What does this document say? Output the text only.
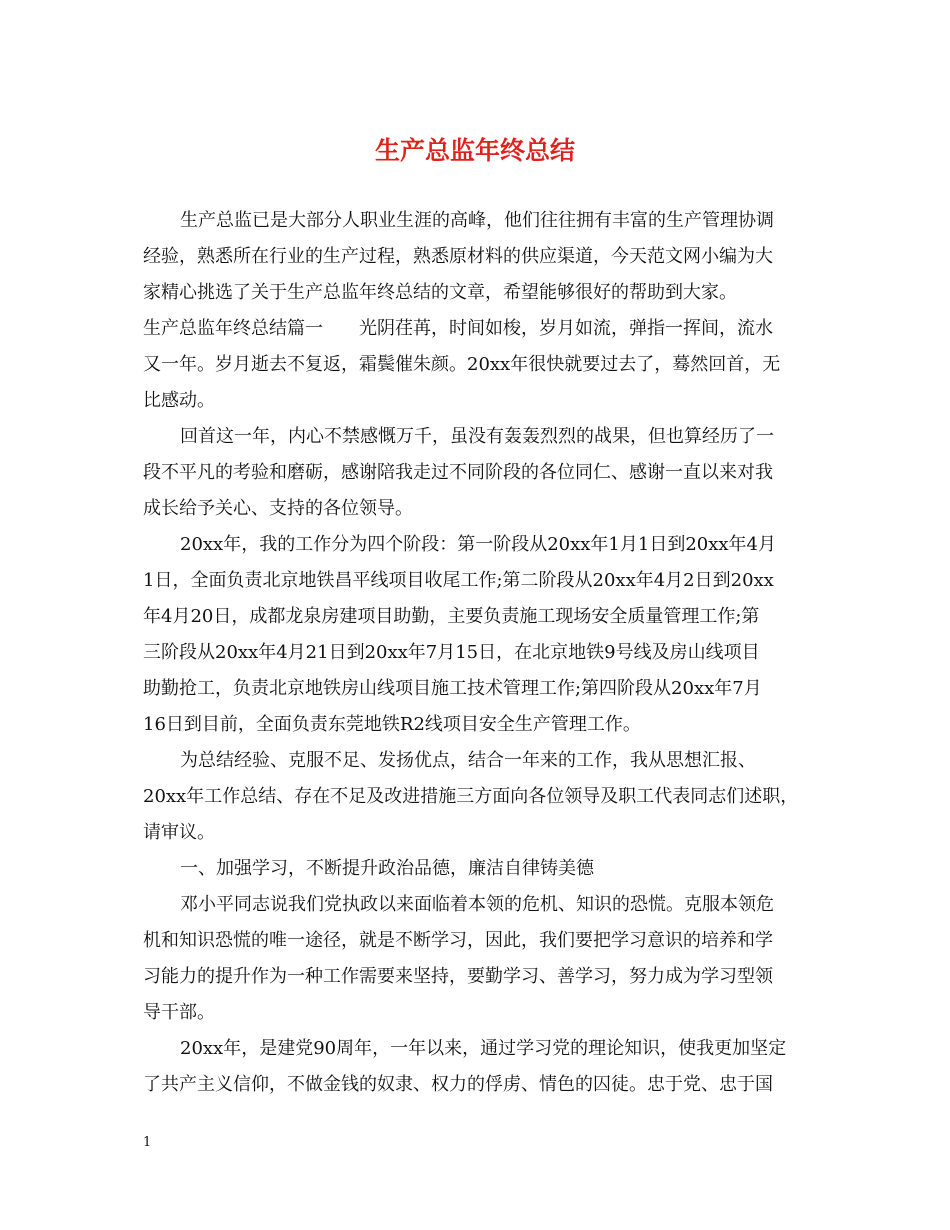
生产总监年终总结

生产总监已是大部分人职业生涯的高峰，他们往往拥有丰富的生产管理协调

经验，熟悉所在行业的生产过程，熟悉原材料的供应渠道，今天范文网小编为大

家精心挑选了关于生产总监年终总结的文章，希望能够很好的帮助到大家。

生产总监年终总结篇一　　光阴荏苒，时间如梭，岁月如流，弹指一挥间，流水

又一年。岁月逝去不复返，霜鬓催朱颜。20xx年很快就要过去了，蓦然回首，无

比感动。

回首这一年，内心不禁感慨万千，虽没有轰轰烈烈的战果，但也算经历了一

段不平凡的考验和磨砺，感谢陪我走过不同阶段的各位同仁、感谢一直以来对我

成长给予关心、支持的各位领导。

20xx年，我的工作分为四个阶段：第一阶段从20xx年1月1日到20xx年4月

1日，全面负责北京地铁昌平线项目收尾工作;第二阶段从20xx年4月2日到20xx

年4月20日，成都龙泉房建项目助勤，主要负责施工现场安全质量管理工作;第

三阶段从20xx年4月21日到20xx年7月15日，在北京地铁9号线及房山线项目

助勤抢工，负责北京地铁房山线项目施工技术管理工作;第四阶段从20xx年7月

16日到目前，全面负责东莞地铁R2线项目安全生产管理工作。

为总结经验、克服不足、发扬优点，结合一年来的工作，我从思想汇报、

20xx年工作总结、存在不足及改进措施三方面向各位领导及职工代表同志们述职，

请审议。

一、加强学习，不断提升政治品德，廉洁自律铸美德

邓小平同志说我们党执政以来面临着本领的危机、知识的恐慌。克服本领危

机和知识恐慌的唯一途径，就是不断学习，因此，我们要把学习意识的培养和学

习能力的提升作为一种工作需要来坚持，要勤学习、善学习，努力成为学习型领

导干部。

20xx年，是建党90周年，一年以来，通过学习党的理论知识，使我更加坚定

了共产主义信仰，不做金钱的奴隶、权力的俘虏、情色的囚徒。忠于党、忠于国

1
